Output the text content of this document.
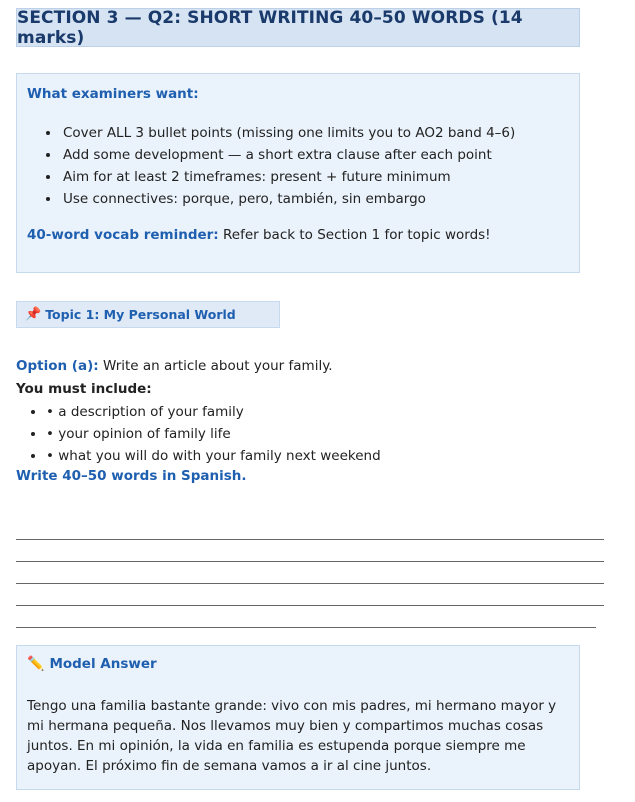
SECTION 3 — Q2: SHORT WRITING 40–50 WORDS (14 marks)
What examiners want:
• Cover ALL 3 bullet points (missing one limits you to AO2 band 4–6)
• Add some development — a short extra clause after each point
• Aim for at least 2 timeframes: present + future minimum
• Use connectives: porque, pero, también, sin embargo
40-word vocab reminder: Refer back to Section 1 for topic words!
📌 Topic 1: My Personal World
Option (a): Write an article about your family.
You must include:
• • a description of your family
• • your opinion of family life
• • what you will do with your family next weekend
Write 40–50 words in Spanish.
✏️ Model Answer
Tengo una familia bastante grande: vivo con mis padres, mi hermano mayor y mi hermana pequeña. Nos llevamos muy bien y compartimos muchas cosas juntos. En mi opinión, la vida en familia es estupenda porque siempre me apoyan. El próximo fin de semana vamos a ir al cine juntos.
